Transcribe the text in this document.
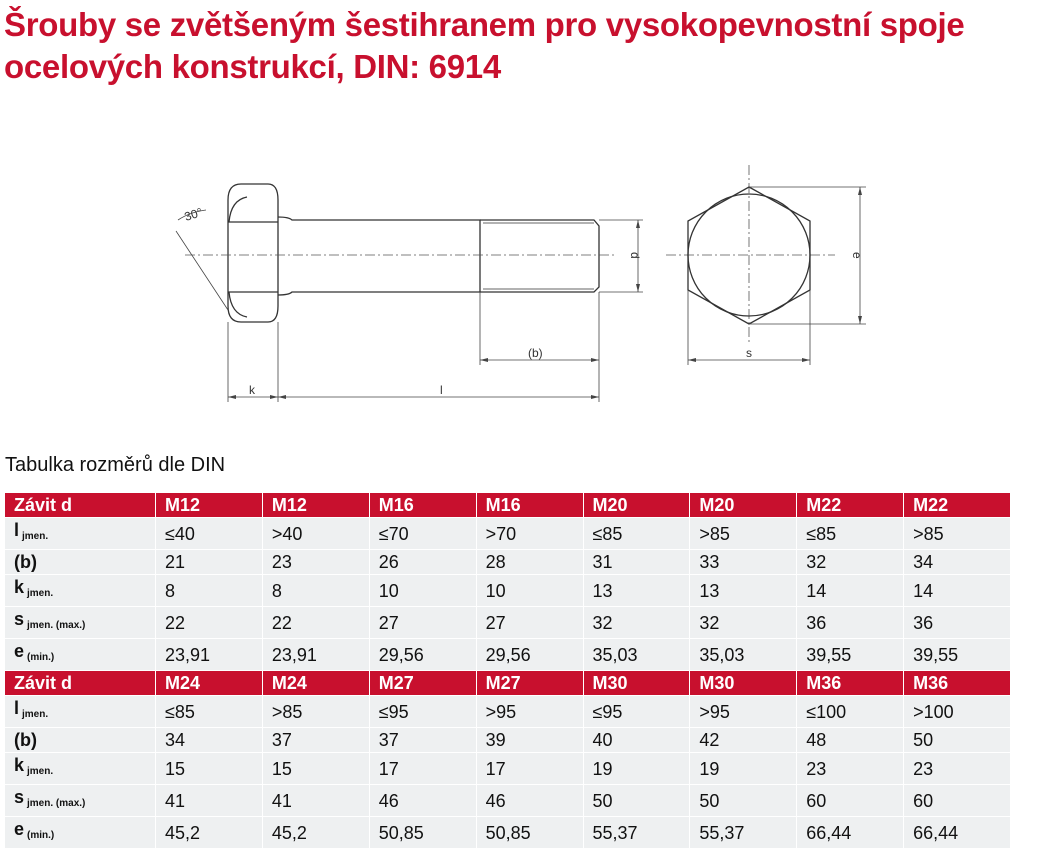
Šrouby se zvětšeným šestihranem pro vysokopevnostní spoje ocelových konstrukcí, DIN: 6914
30°
k	l
(b)
d	e
s
Tabulka rozměrů dle DIN
Závit d	M12	M12	M16	M16	M20	M20	M22	M22
l $_{jmen.}$	≤40	>40	≤70	>70	≤85	>85	≤85	>85
(b)	21	23	26	28	31	33	32	34
k $_{jmen.}$	8	8	10	10	13	13	14	14
s $_{jmen. (max.)}$	22	22	27	27	32	32	36	36
e $_{(min.)}$	23,91	23,91	29,56	29,56	35,03	35,03	39,55	39,55
Závit d	M24	M24	M27	M27	M30	M30	M36	M36
l $_{jmen.}$	≤85	>85	≤95	>95	≤95	>95	≤100	>100
(b)	34	37	37	39	40	42	48	50
k $_{jmen.}$	15	15	17	17	19	19	23	23
s $_{jmen. (max.)}$	41	41	46	46	50	50	60	60
e $_{(min.)}$	45,2	45,2	50,85	50,85	55,37	55,37	66,44	66,44
